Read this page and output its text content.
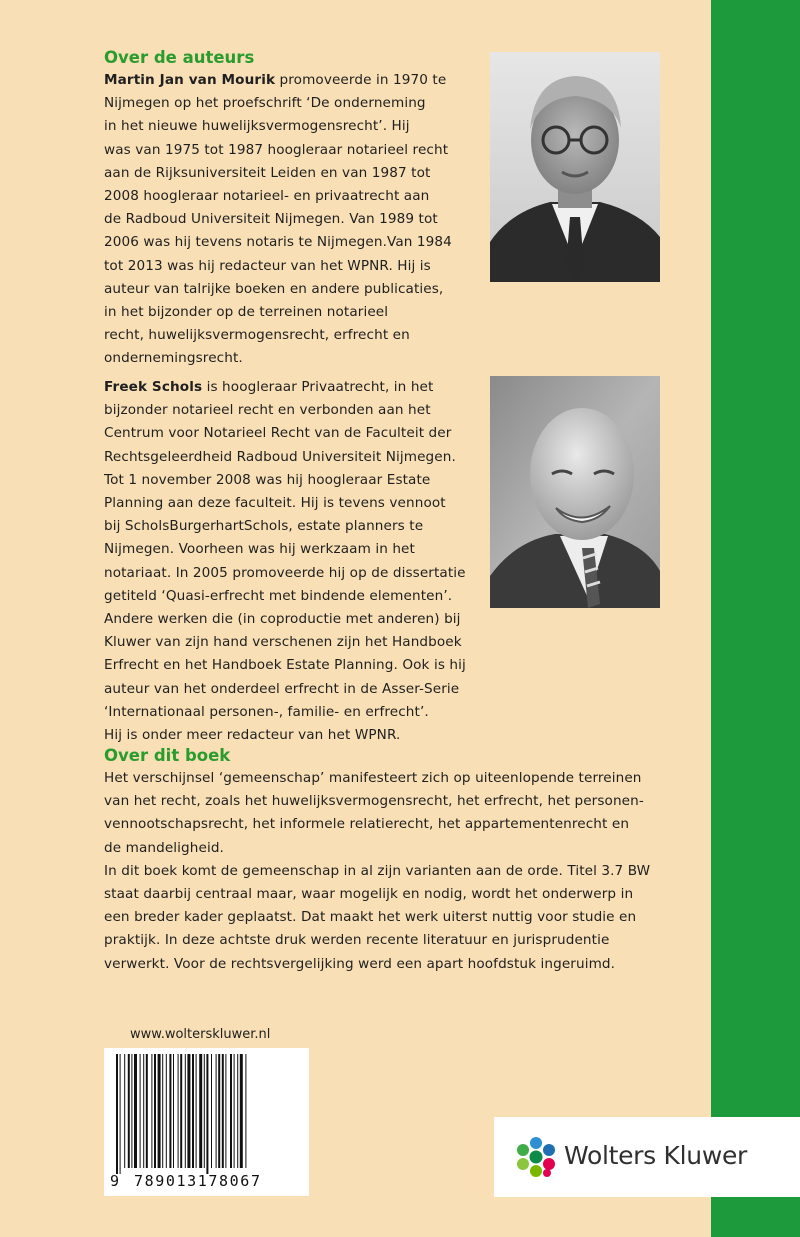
Over de auteurs

Martin Jan van Mourik promoveerde in 1970 te
Nijmegen op het proefschrift ‘De onderneming
in het nieuwe huwelijksvermogensrecht’. Hij
was van 1975 tot 1987 hoogleraar notarieel recht
aan de Rijksuniversiteit Leiden en van 1987 tot
2008 hoogleraar notarieel- en privaatrecht aan
de Radboud Universiteit Nijmegen. Van 1989 tot
2006 was hij tevens notaris te Nijmegen.Van 1984
tot 2013 was hij redacteur van het WPNR. Hij is
auteur van talrijke boeken en andere publicaties,
in het bijzonder op de terreinen notarieel
recht, huwelijksvermogensrecht, erfrecht en
ondernemingsrecht.

Freek Schols is hoogleraar Privaatrecht, in het
bijzonder notarieel recht en verbonden aan het
Centrum voor Notarieel Recht van de Faculteit der
Rechtsgeleerdheid Radboud Universiteit Nijmegen.
Tot 1 november 2008 was hij hoogleraar Estate
Planning aan deze faculteit. Hij is tevens vennoot
bij ScholsBurgerhartSchols, estate planners te
Nijmegen. Voorheen was hij werkzaam in het
notariaat. In 2005 promoveerde hij op de dissertatie
getiteld ‘Quasi-erfrecht met bindende elementen’.
Andere werken die (in coproductie met anderen) bij
Kluwer van zijn hand verschenen zijn het Handboek
Erfrecht en het Handboek Estate Planning. Ook is hij
auteur van het onderdeel erfrecht in de Asser-Serie
‘Internationaal personen-, familie- en erfrecht’.
Hij is onder meer redacteur van het WPNR.

Over dit boek

Het verschijnsel ‘gemeenschap’ manifesteert zich op uiteenlopende terreinen
van het recht, zoals het huwelijksvermogensrecht, het erfrecht, het personen-
vennootschapsrecht, het informele relatierecht, het appartementenrecht en
de mandeligheid.
In dit boek komt de gemeenschap in al zijn varianten aan de orde. Titel 3.7 BW
staat daarbij centraal maar, waar mogelijk en nodig, wordt het onderwerp in
een breder kader geplaatst. Dat maakt het werk uiterst nuttig voor studie en
praktijk. In deze achtste druk werden recente literatuur en jurisprudentie
verwerkt. Voor de rechtsvergelijking werd een apart hoofdstuk ingeruimd.

www.wolterskluwer.nl
9 789013178067
Wolters Kluwer
